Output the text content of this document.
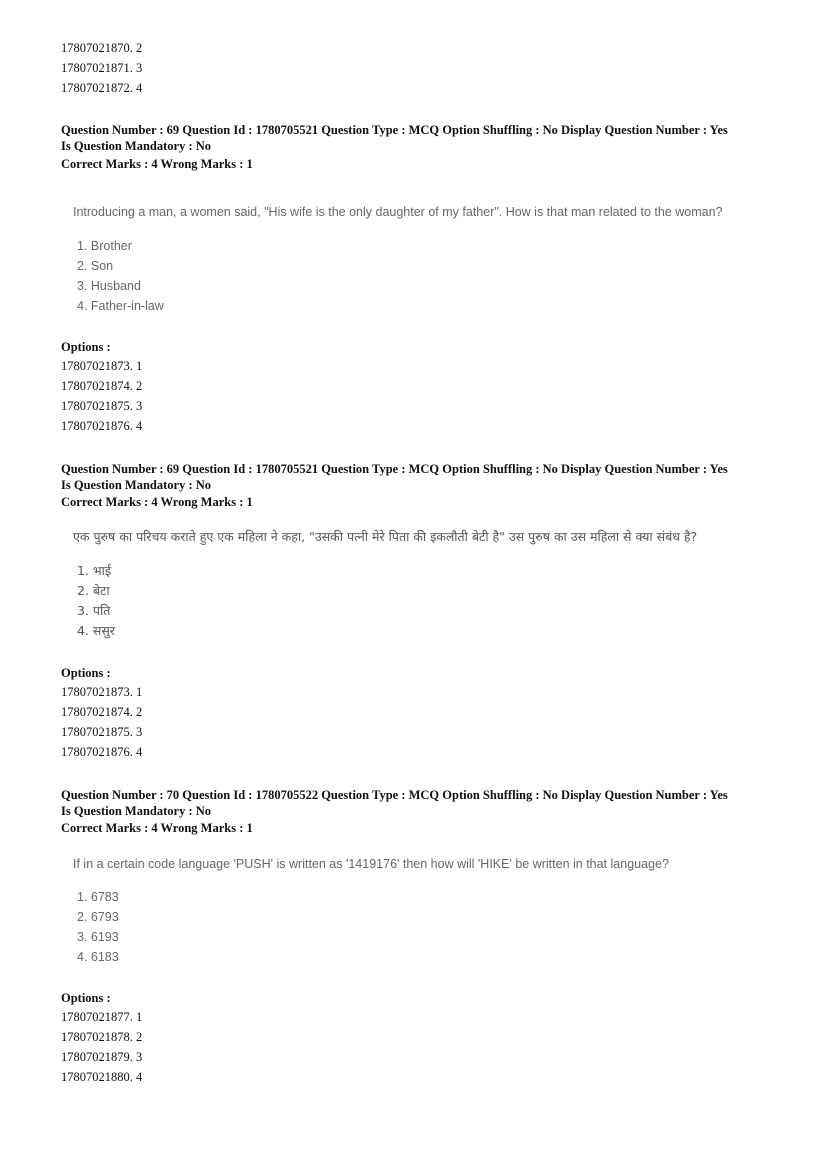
17807021870. 2
17807021871. 3
17807021872. 4
Question Number : 69 Question Id : 1780705521 Question Type : MCQ Option Shuffling : No Display Question Number : Yes
Is Question Mandatory : No
Correct Marks : 4 Wrong Marks : 1
Introducing a man, a women said, "His wife is the only daughter of my father". How is that man related to the woman?
1. Brother
2. Son
3. Husband
4. Father-in-law
Options :
17807021873. 1
17807021874. 2
17807021875. 3
17807021876. 4
Question Number : 69 Question Id : 1780705521 Question Type : MCQ Option Shuffling : No Display Question Number : Yes
Is Question Mandatory : No
Correct Marks : 4 Wrong Marks : 1
एक पुरुष का परिचय कराते हुए एक महिला ने कहा, "उसकी पत्नी मेरे पिता की इकलौती बेटी है" उस पुरुष का उस महिला से क्या संबंध है?
1. भाई
2. बेटा
3. पति
4. ससुर
Options :
17807021873. 1
17807021874. 2
17807021875. 3
17807021876. 4
Question Number : 70 Question Id : 1780705522 Question Type : MCQ Option Shuffling : No Display Question Number : Yes
Is Question Mandatory : No
Correct Marks : 4 Wrong Marks : 1
If in a certain code language 'PUSH' is written as '1419176' then how will 'HIKE' be written in that language?
1. 6783
2. 6793
3. 6193
4. 6183
Options :
17807021877. 1
17807021878. 2
17807021879. 3
17807021880. 4
